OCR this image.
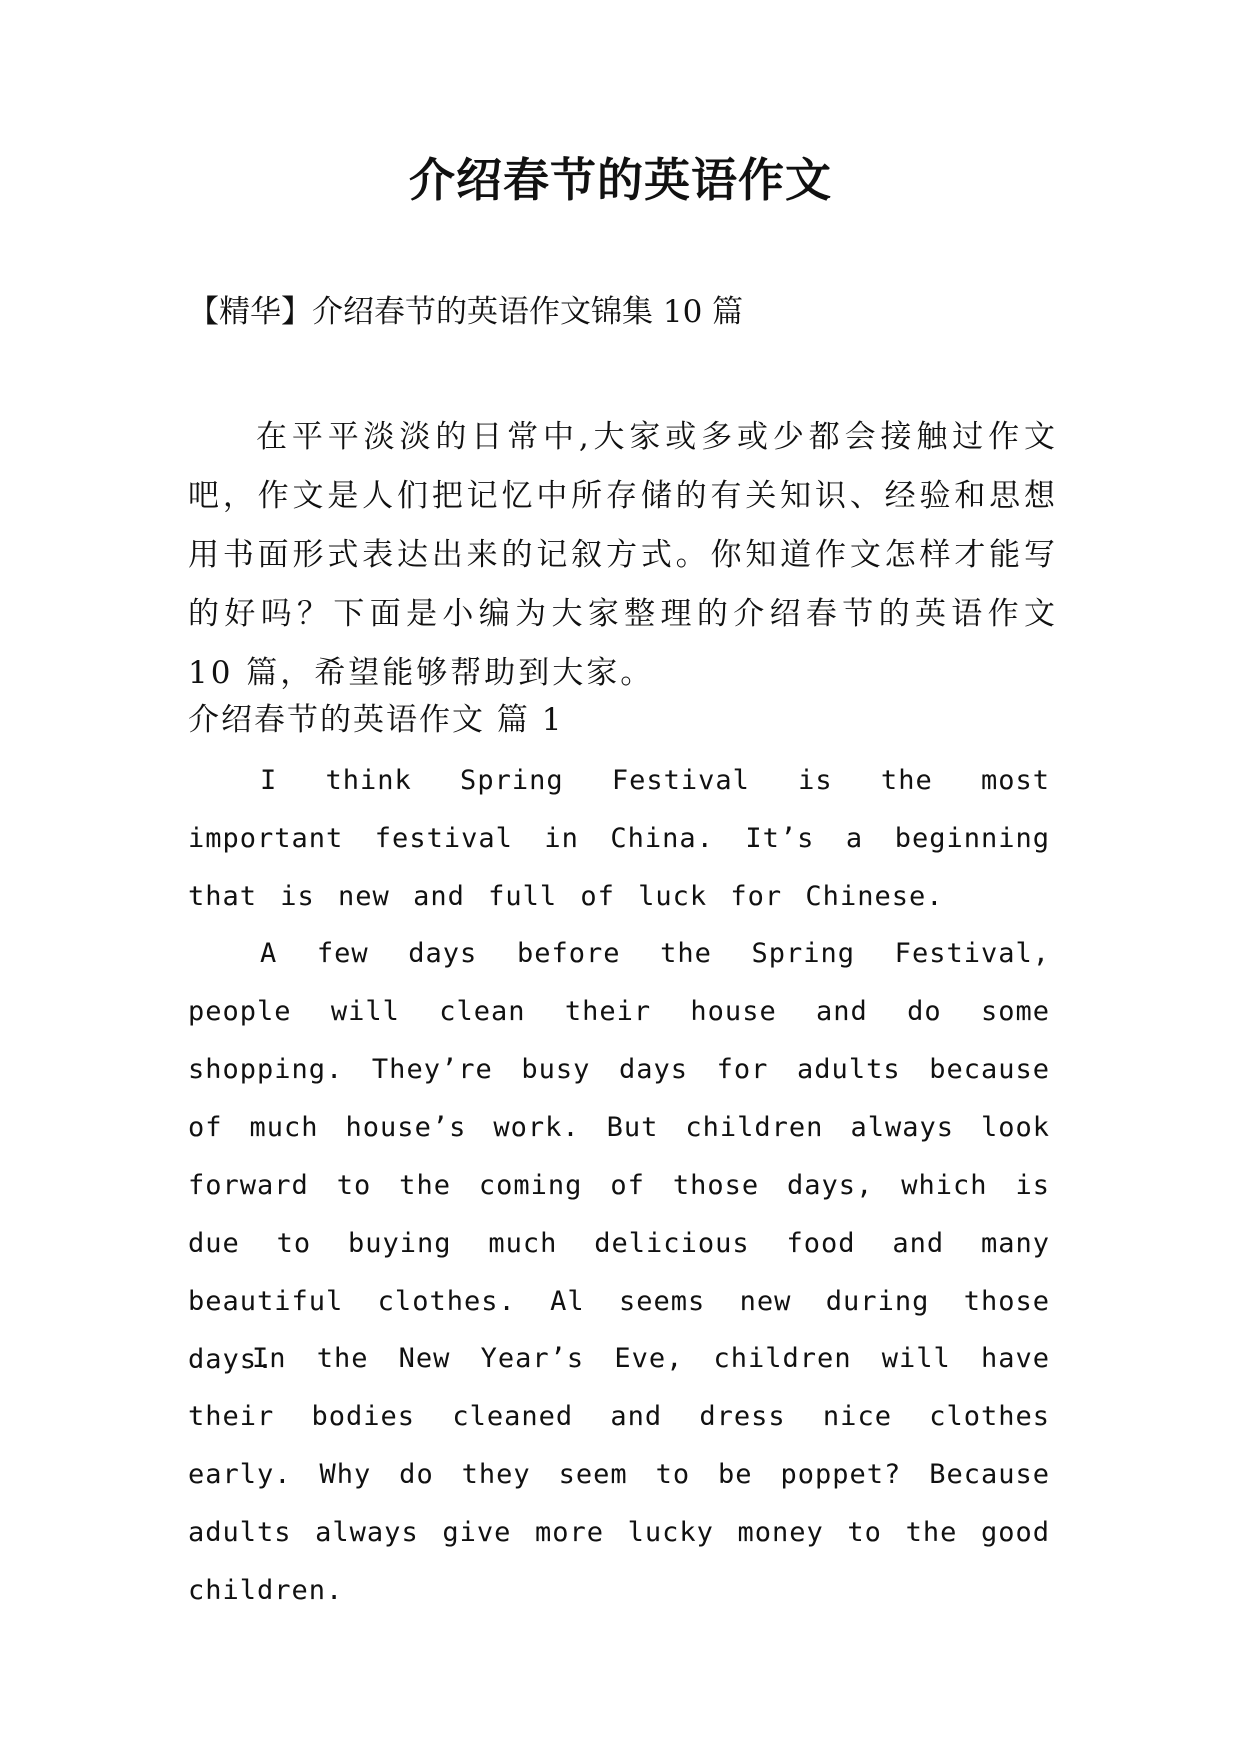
介绍春节的英语作文
【精华】介绍春节的英语作文锦集 10 篇

在平平淡淡的日常中,大家或多或少都会接触过作文吧，作文是人们把记忆中所存储的有关知识、经验和思想用书面形式表达出来的记叙方式。你知道作文怎样才能写的好吗？下面是小编为大家整理的介绍春节的英语作文 10 篇，希望能够帮助到大家。

介绍春节的英语作文 篇 1

I think Spring Festival is the most important festival in China. It’s a beginning that is new and full of luck for Chinese.

A few days before the Spring Festival, people will clean their house and do some shopping. They’re busy days for adults because of much house’s work. But children always look forward to the coming of those days, which is due to buying much delicious food and many beautiful clothes. Al seems new during those days.

In the New Year’s Eve, children will have their bodies cleaned and dress nice clothes early. Why do they seem to be poppet? Because adults always give more lucky money to the good children.
